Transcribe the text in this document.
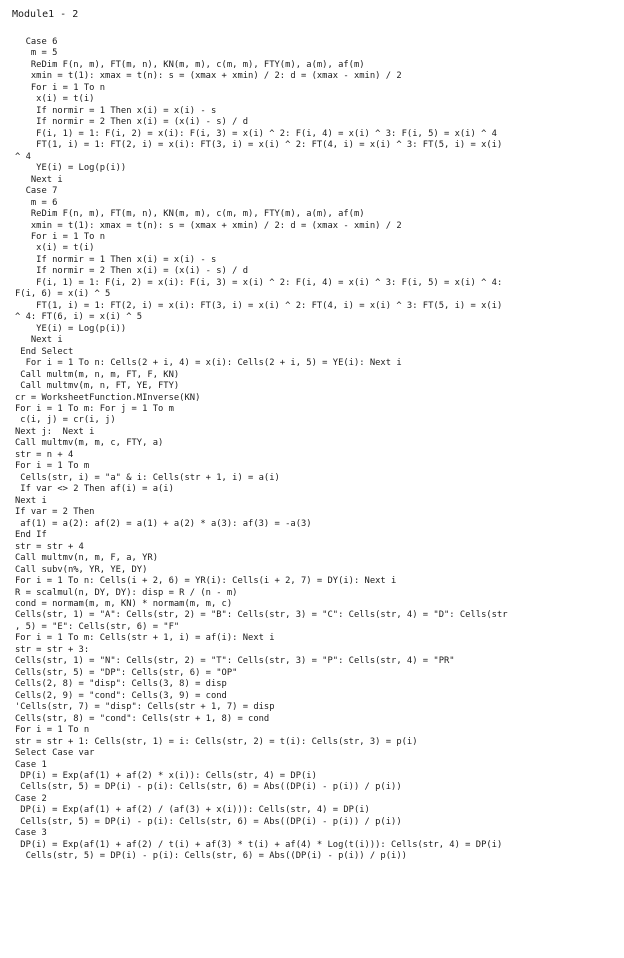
Module1 - 2
Case 6
m = 5
ReDim F(n, m), FT(m, n), KN(m, m), c(m, m), FTY(m), a(m), af(m)
xmin = t(1): xmax = t(n): s = (xmax + xmin) / 2: d = (xmax - xmin) / 2
For i = 1 To n
x(i) = t(i)
If normir = 1 Then x(i) = x(i) - s
If normir = 2 Then x(i) = (x(i) - s) / d
F(i, 1) = 1: F(i, 2) = x(i): F(i, 3) = x(i) ^ 2: F(i, 4) = x(i) ^ 3: F(i, 5) = x(i) ^ 4
FT(1, i) = 1: FT(2, i) = x(i): FT(3, i) = x(i) ^ 2: FT(4, i) = x(i) ^ 3: FT(5, i) = x(i)
^ 4
YE(i) = Log(p(i))
Next i
Case 7
m = 6
ReDim F(n, m), FT(m, n), KN(m, m), c(m, m), FTY(m), a(m), af(m)
xmin = t(1): xmax = t(n): s = (xmax + xmin) / 2: d = (xmax - xmin) / 2
For i = 1 To n
x(i) = t(i)
If normir = 1 Then x(i) = x(i) - s
If normir = 2 Then x(i) = (x(i) - s) / d
F(i, 1) = 1: F(i, 2) = x(i): F(i, 3) = x(i) ^ 2: F(i, 4) = x(i) ^ 3: F(i, 5) = x(i) ^ 4:
F(i, 6) = x(i) ^ 5
FT(1, i) = 1: FT(2, i) = x(i): FT(3, i) = x(i) ^ 2: FT(4, i) = x(i) ^ 3: FT(5, i) = x(i)
^ 4: FT(6, i) = x(i) ^ 5
YE(i) = Log(p(i))
Next i
End Select
For i = 1 To n: Cells(2 + i, 4) = x(i): Cells(2 + i, 5) = YE(i): Next i
Call multm(m, n, m, FT, F, KN)
Call multmv(m, n, FT, YE, FTY)
cr = WorksheetFunction.MInverse(KN)
For i = 1 To m: For j = 1 To m
c(i, j) = cr(i, j)
Next j:  Next i
Call multmv(m, m, c, FTY, a)
str = n + 4
For i = 1 To m
Cells(str, i) = "a" & i: Cells(str + 1, i) = a(i)
If var <> 2 Then af(i) = a(i)
Next i
If var = 2 Then
af(1) = a(2): af(2) = a(1) + a(2) * a(3): af(3) = -a(3)
End If
str = str + 4
Call multmv(n, m, F, a, YR)
Call subv(n%, YR, YE, DY)
For i = 1 To n: Cells(i + 2, 6) = YR(i): Cells(i + 2, 7) = DY(i): Next i
R = scalmul(n, DY, DY): disp = R / (n - m)
cond = normam(m, m, KN) * normam(m, m, c)
Cells(str, 1) = "A": Cells(str, 2) = "B": Cells(str, 3) = "C": Cells(str, 4) = "D": Cells(str
, 5) = "E": Cells(str, 6) = "F"
For i = 1 To m: Cells(str + 1, i) = af(i): Next i
str = str + 3:
Cells(str, 1) = "N": Cells(str, 2) = "T": Cells(str, 3) = "P": Cells(str, 4) = "PR"
Cells(str, 5) = "DP": Cells(str, 6) = "OP"
Cells(2, 8) = "disp": Cells(3, 8) = disp
Cells(2, 9) = "cond": Cells(3, 9) = cond
'Cells(str, 7) = "disp": Cells(str + 1, 7) = disp
Cells(str, 8) = "cond": Cells(str + 1, 8) = cond
For i = 1 To n
str = str + 1: Cells(str, 1) = i: Cells(str, 2) = t(i): Cells(str, 3) = p(i)
Select Case var
Case 1
DP(i) = Exp(af(1) + af(2) * x(i)): Cells(str, 4) = DP(i)
Cells(str, 5) = DP(i) - p(i): Cells(str, 6) = Abs((DP(i) - p(i)) / p(i))
Case 2
DP(i) = Exp(af(1) + af(2) / (af(3) + x(i))): Cells(str, 4) = DP(i)
Cells(str, 5) = DP(i) - p(i): Cells(str, 6) = Abs((DP(i) - p(i)) / p(i))
Case 3
DP(i) = Exp(af(1) + af(2) / t(i) + af(3) * t(i) + af(4) * Log(t(i))): Cells(str, 4) = DP(i)
Cells(str, 5) = DP(i) - p(i): Cells(str, 6) = Abs((DP(i) - p(i)) / p(i))
